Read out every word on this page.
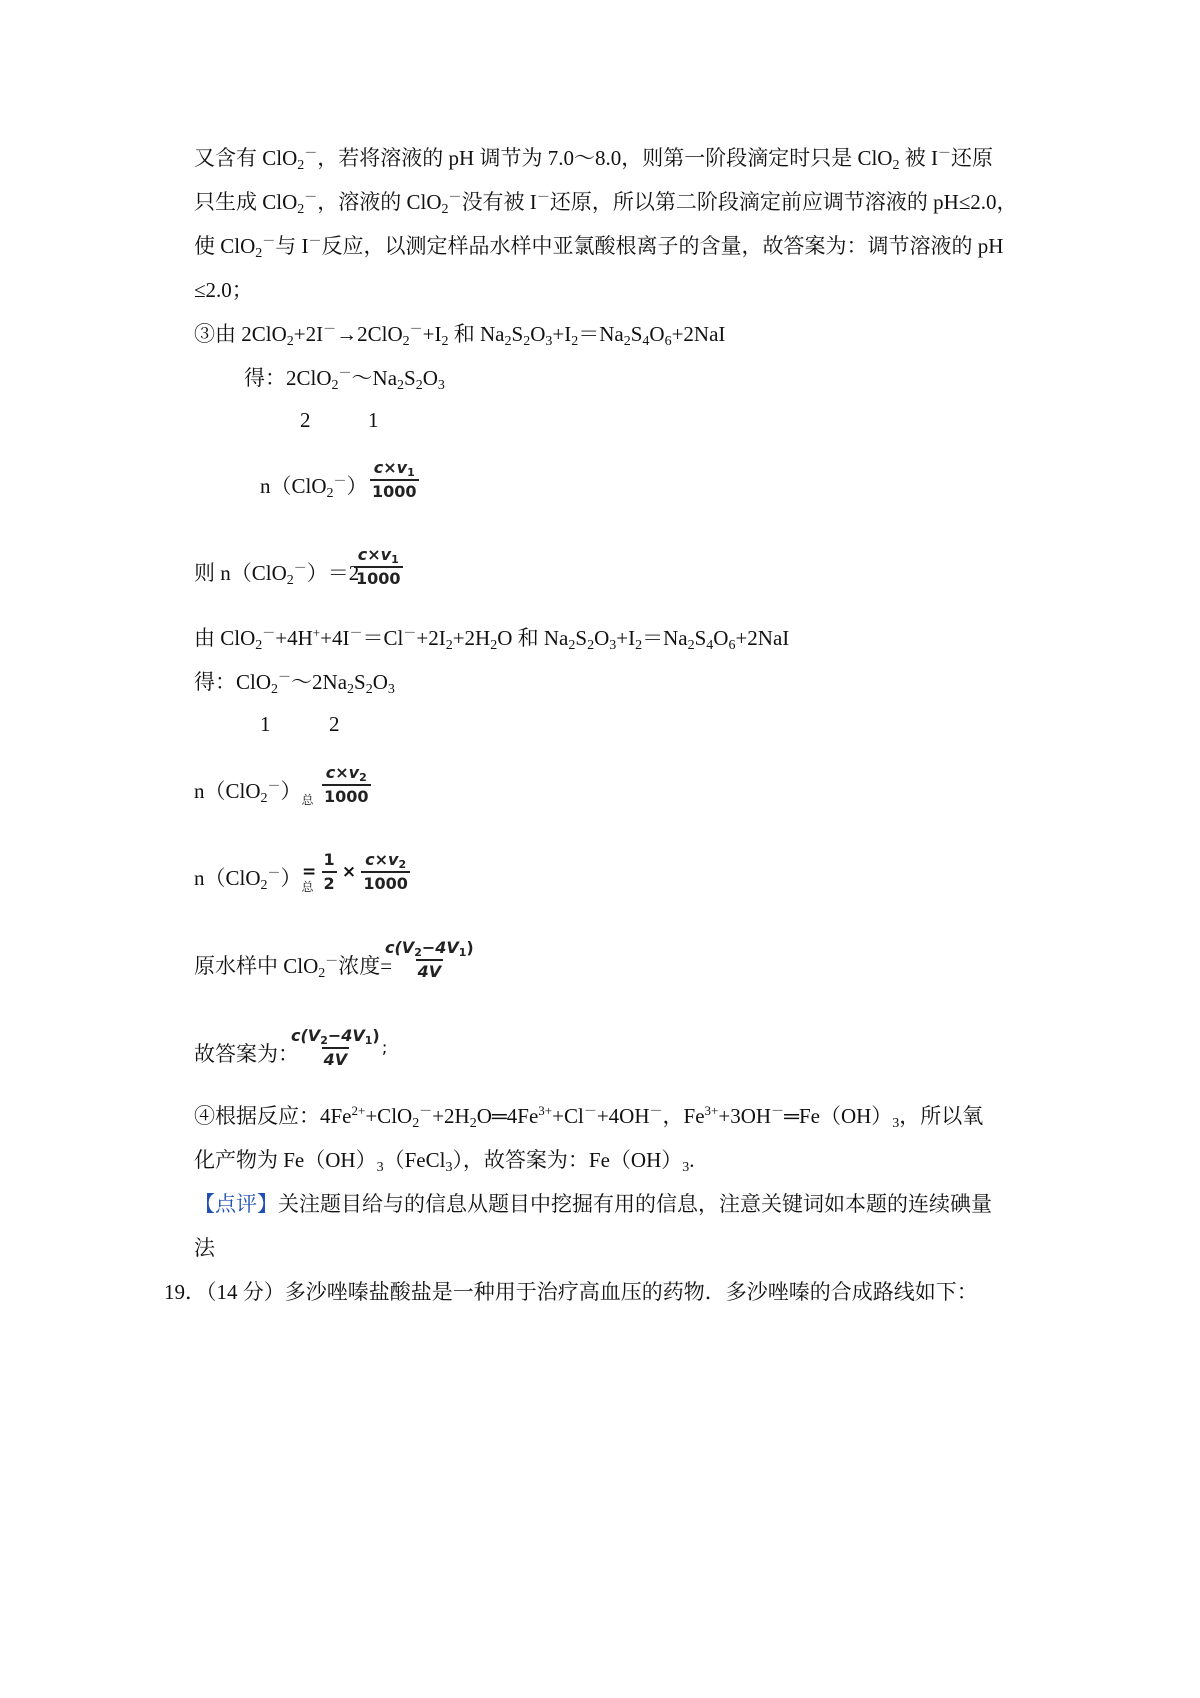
又含有 ClO$_2$－，若将溶液的 pH 调节为 7.0～8.0，则第一阶段滴定时只是 ClO$_2$ 被 I－还原
只生成 ClO$_2$－，溶液的 ClO$_2$－没有被 I－还原，所以第二阶段滴定前应调节溶液的 pH≤2.0，
使 ClO$_2$－与 I－反应，以测定样品水样中亚氯酸根离子的含量，故答案为：调节溶液的 pH
≤2.0；
③由 $2ClO_2+2I^-\to 2ClO_2^-+I_2$ 和 $Na_2S_2O_3+I_2=Na_2S_4O_6+2NaI$
得：$2ClO_2^-\sim Na_2S_2O_3$
2	1
$n(ClO_2^-) \frac{c\times v_1}{1000}$
则 n（ClO$_2$－）＝2
$\frac{c\times v_1}{1000}$
由 $ClO_2^-+4H^++4I^-=Cl^-+2I_2+2H_2O$ 和 $Na_2S_2O_3+I_2=Na_2S_4O_6+2NaI$
得：$ClO_2^-\sim 2Na_2S_2O_3$
1	2
$n(ClO_2^-)_总 \frac{c\times v_2}{1000}$
$n(ClO_2^-)_总$
= $\frac{1}{2} \times \frac{c\times v_2}{1000}$
原水样中 ClO$_2$－浓度=
$\frac{c(V_2-4V_1)}{4V}$
故答案为：
$\frac{c(V_2-4V_1)}{4V}$ ;
④根据反应：$4Fe^{2+}+ClO_2^-+2H_2O═4Fe^{3+}+Cl^-+4OH^-$，$Fe^{3+}+3OH^-═Fe(OH)_3$，所以氧
化产物为 $Fe(OH)_3(FeCl_3)$，故答案为：$Fe(OH)_3$.
【点评】关注题目给与的信息从题目中挖掘有用的信息，注意关键词如本题的连续碘量
法
19．（14 分）多沙唑嗪盐酸盐是一种用于治疗高血压的药物．多沙唑嗪的合成路线如下：
